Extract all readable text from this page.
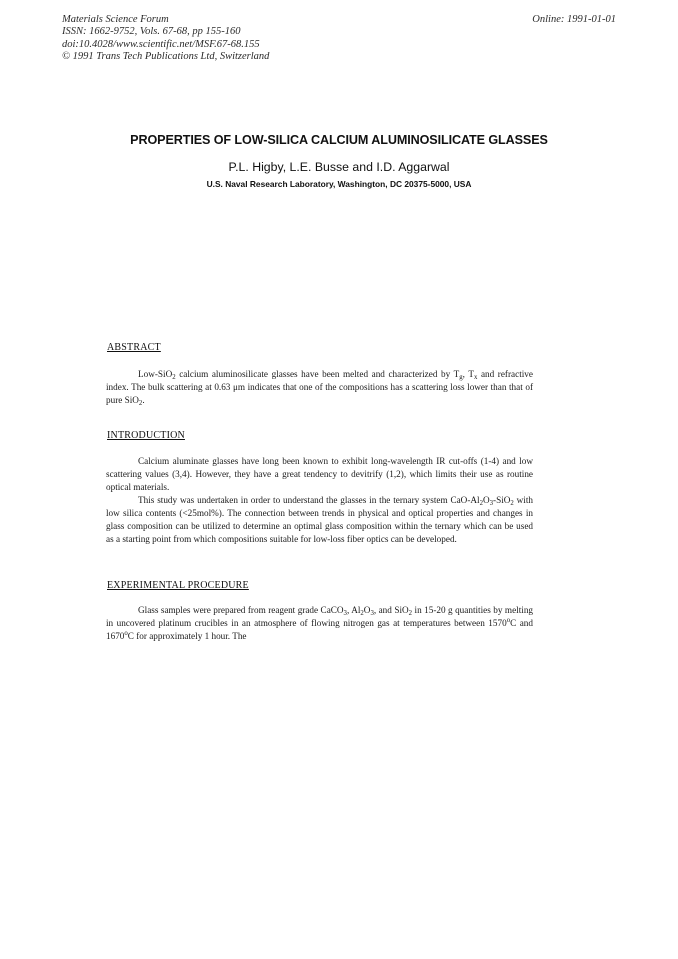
Materials Science Forum
ISSN: 1662-9752, Vols. 67-68, pp 155-160
doi:10.4028/www.scientific.net/MSF.67-68.155
© 1991 Trans Tech Publications Ltd, Switzerland
Online: 1991-01-01
PROPERTIES OF LOW-SILICA CALCIUM ALUMINOSILICATE GLASSES
P.L. Higby, L.E. Busse and I.D. Aggarwal
U.S. Naval Research Laboratory, Washington, DC 20375-5000, USA
ABSTRACT

Low-SiO$_2$ calcium aluminosilicate glasses have been melted and characterized by $T_g$, $T_x$ and refractive index. The bulk scattering at 0.63 μm indicates that one of the compositions has a scattering loss lower than that of pure SiO$_2$.

INTRODUCTION

Calcium aluminate glasses have long been known to exhibit long-wavelength IR cut-offs (1-4) and low scattering values (3,4). However, they have a great tendency to devitrify (1,2), which limits their use as routine optical materials.

This study was undertaken in order to understand the glasses in the ternary system CaO-$Al_2O_3-SiO_2$ with low silica contents (<25mol%). The connection between trends in physical and optical properties and changes in glass composition can be utilized to determine an optimal glass composition within the ternary which can be used as a starting point from which compositions suitable for low-loss fiber optics can be developed.

EXPERIMENTAL PROCEDURE

Glass samples were prepared from reagent grade CaCO$_3$, $Al_2O_3$, and SiO$_2$ in 15-20 g quantities by melting in uncovered platinum crucibles in an atmosphere of flowing nitrogen gas at temperatures between 1570$^o$C and 1670$^o$C for approximately 1 hour. The
